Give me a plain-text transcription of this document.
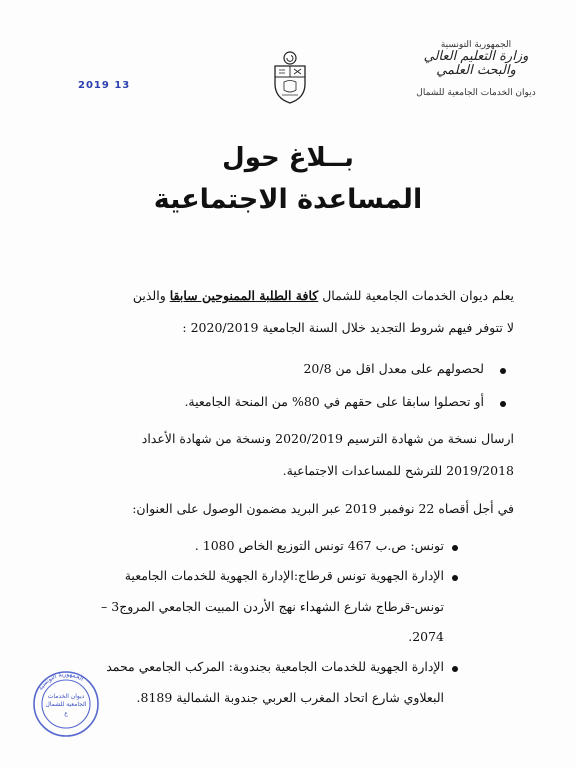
الجمهورية التونسية
وزارة التعليم العالي
والبحث العلمي
ديوان الخدمات الجامعية للشمال
2019 13
بــلاغ حول
المساعدة الاجتماعية
يعلم ديوان الخدمات الجامعية للشمال كافة الطلبة الممنوحين سابقا والذين
لا تتوفر فيهم شروط التجديد خلال السنة الجامعية 2020/2019 :
لحصولهم على معدل اقل من 20/8
أو تحصلوا سابقا على حقهم في 80% من المنحة الجامعية.
ارسال نسخة من شهادة الترسيم 2020/2019 ونسخة من شهادة الأعداد
2019/2018 للترشح للمساعدات الاجتماعية.
في أجل أقصاه 22 نوفمبر 2019 عبر البريد مضمون الوصول على العنوان:
تونس: ص.ب 467 تونس التوزيع الخاص 1080 .
الإدارة الجهوية تونس قرطاج:الإدارة الجهوية للخدمات الجامعية
تونس-قرطاج شارع الشهداء نهج الأردن المبيت الجامعي المروج3 –
2074.
الإدارة الجهوية للخدمات الجامعية بجندوبة: المركب الجامعي محمد
البعلاوي شارع اتحاد المغرب العربي جندوبة الشمالية 8189.
الجمهورية التونسية
ديوان الخدمات
الجامعية للشمال
ع
